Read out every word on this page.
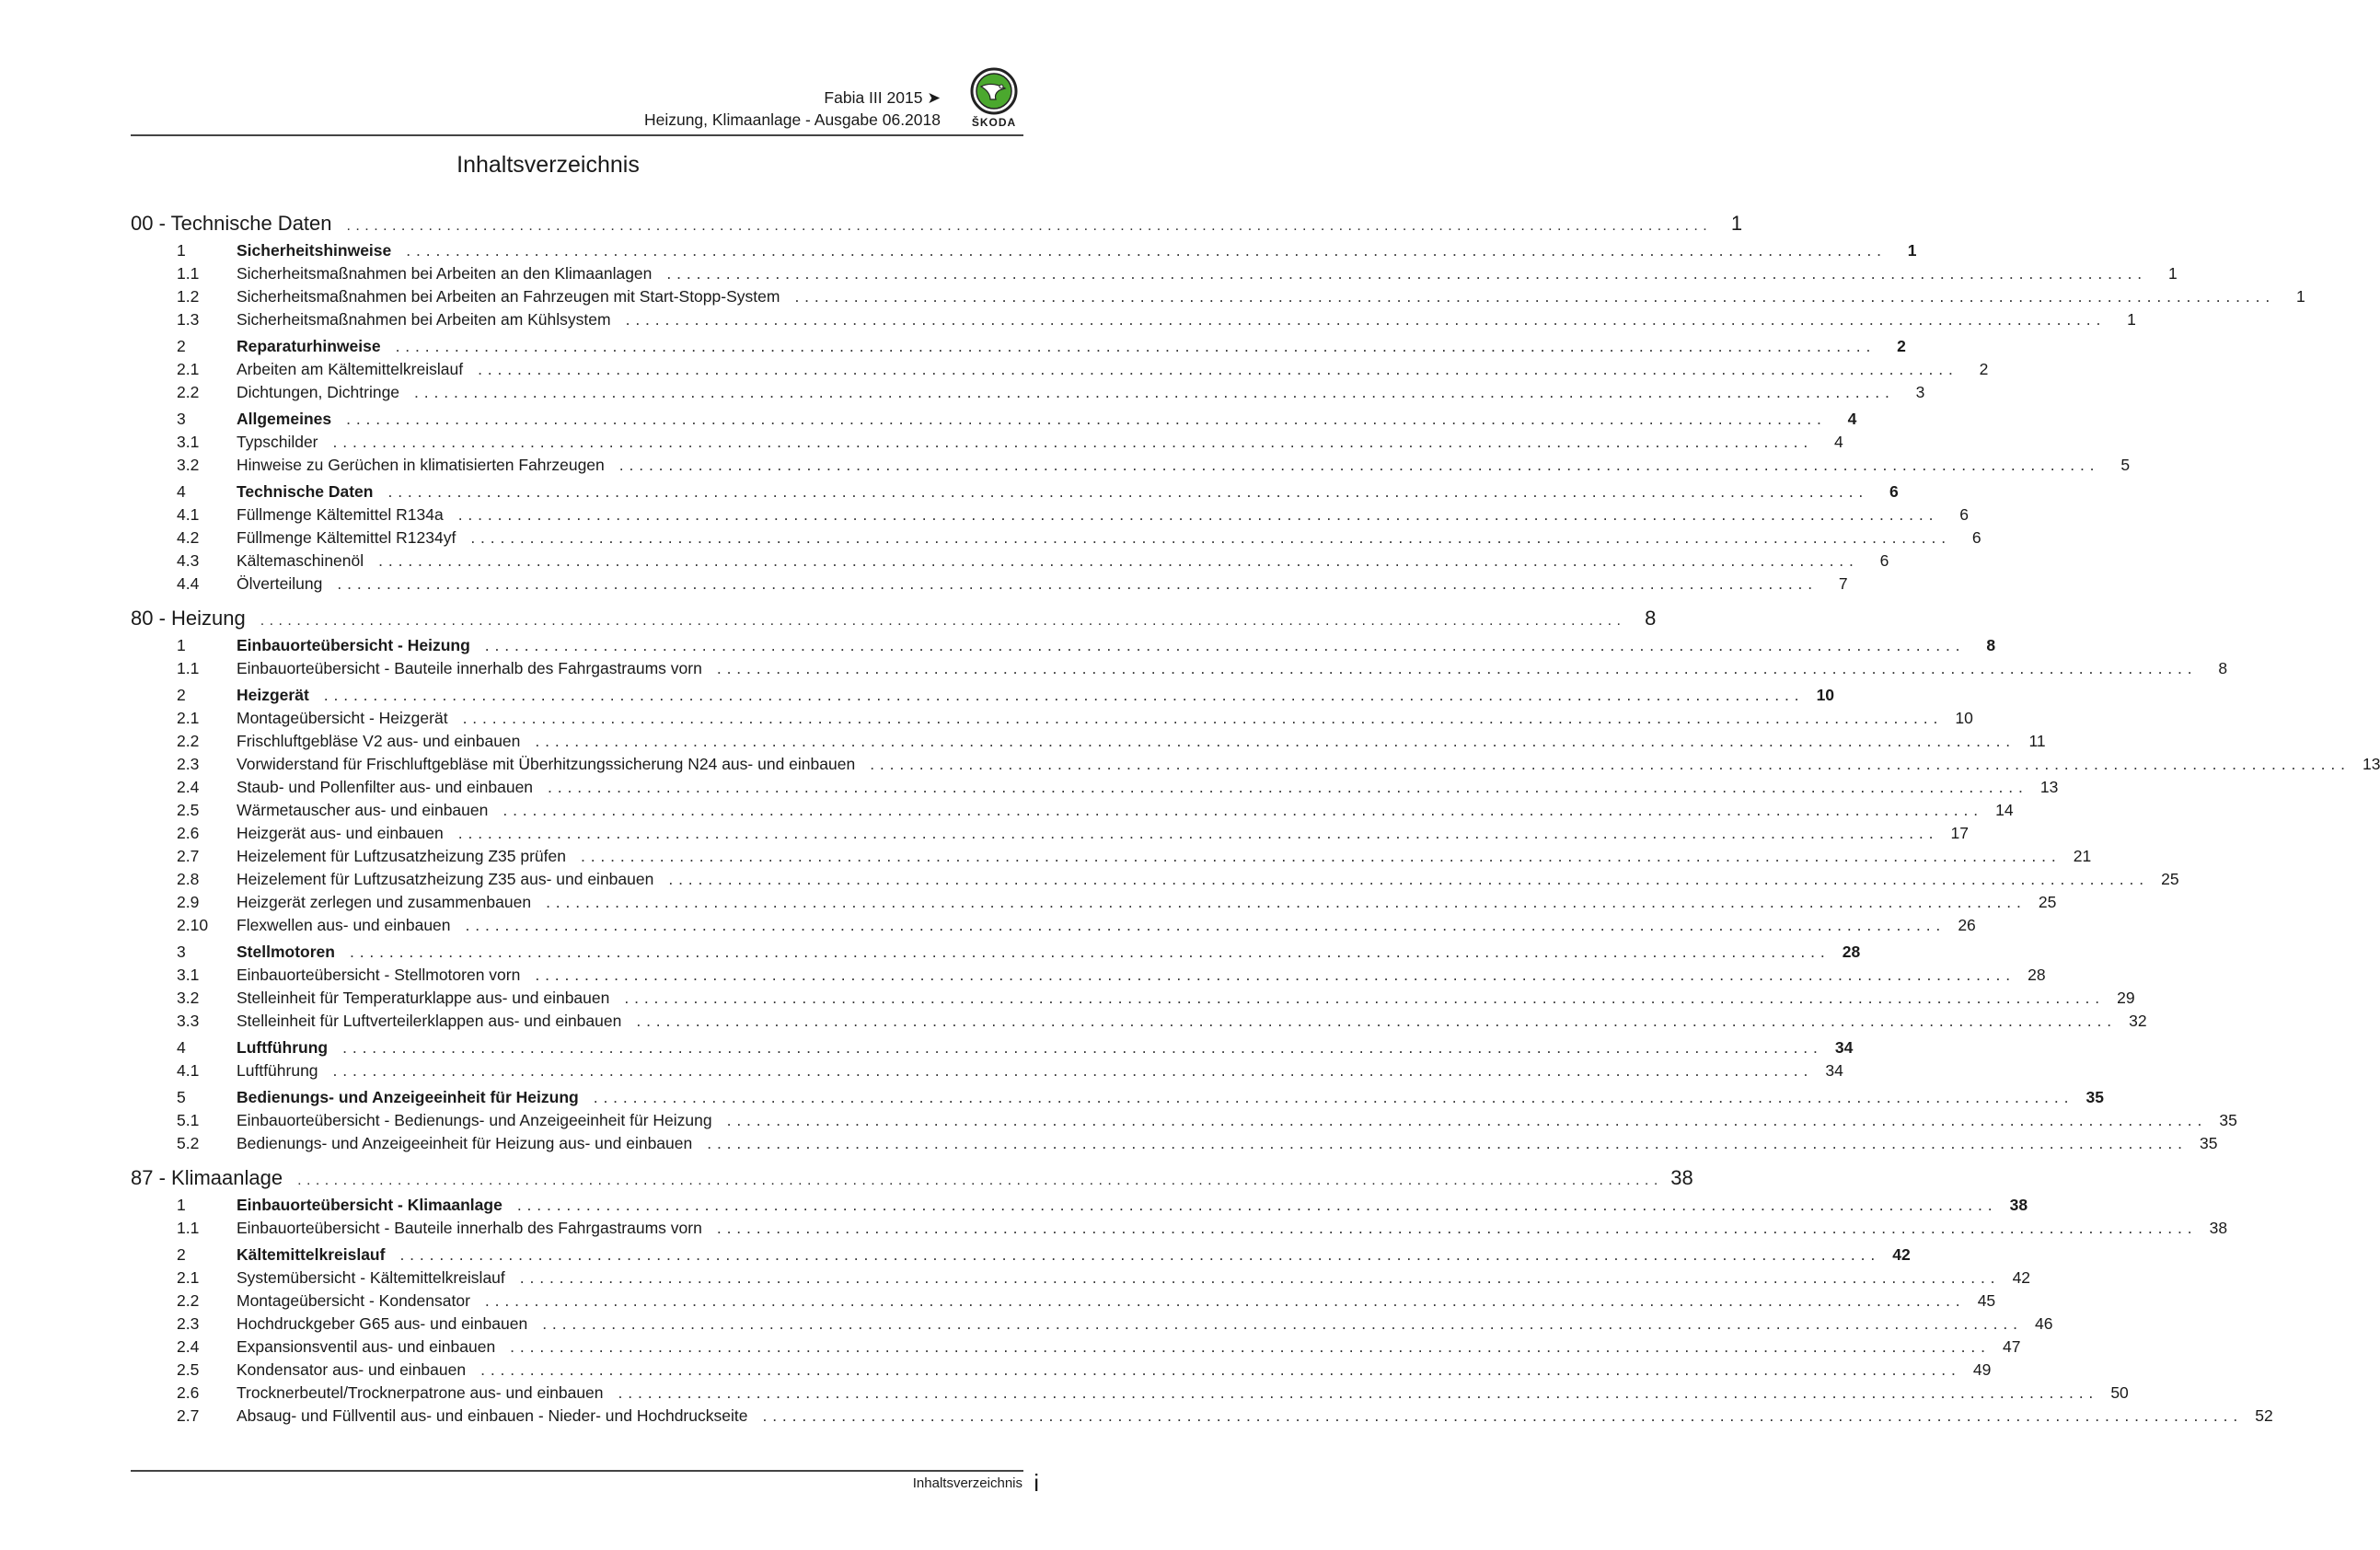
Fabia III 2015 ➤
Heizung, Klimaanlage - Ausgabe 06.2018	ŠKODA
Inhaltsverzeichnis
00 - Technische Daten . . . . . . . . . . . . . . . . . . . . . . . . . . . . . . . . . . . . . . . . . . . . . . . . . . . . . . . . . . . . . . . . . . . . . . . . . . . . . . . . . . . . . . . . . . . . . . . . . . . . . . . . . . . . . . . . . . . . . . . . . . . . . . . . . . . . . . . . . . . . . . . . . . . . . .	1
1	Sicherheitshinweise . . . . . . . . . . . . . . . . . . . . . . . . . . . . . . . . . . . . . . . . . . . . . . . . . . . . . . . . . . . . . . . . . . . . . . . . . . . . . . . . . . . . . . . . . . . . . . . . . . . . . . . . . . . . . . . . . . . . . . . . . . . . . . . . . . . . . . . . . . . . . . . . . . . . . .	1
1.1	Sicherheitsmaßnahmen bei Arbeiten an den Klimaanlagen . . . . . . . . . . . . . . . . . . . . . . . . . . . . . . . . . . . . . . . . . . . . . . . . . . . . . . . . . . . . . . . . . . . . . . . . . . . . . . . . . . . . . . . . . . . . . . . . . . . . . . . . . . . . . . . . . . . . . . . . . . . . . . . . . . . . . . . . . . . . . . . . . . . . . .	1
1.2	Sicherheitsmaßnahmen bei Arbeiten an Fahrzeugen mit Start-Stopp-System . . . . . . . . . . . . . . . . . . . . . . . . . . . . . . . . . . . . . . . . . . . . . . . . . . . . . . . . . . . . . . . . . . . . . . . . . . . . . . . . . . . . . . . . . . . . . . . . . . . . . . . . . . . . . . . . . . . . . . . . . . . . . . . . . . . . . . . . . . . . . . . . . . . . . .	1
1.3	Sicherheitsmaßnahmen bei Arbeiten am Kühlsystem . . . . . . . . . . . . . . . . . . . . . . . . . . . . . . . . . . . . . . . . . . . . . . . . . . . . . . . . . . . . . . . . . . . . . . . . . . . . . . . . . . . . . . . . . . . . . . . . . . . . . . . . . . . . . . . . . . . . . . . . . . . . . . . . . . . . . . . . . . . . . . . . . . . . . .	1
2	Reparaturhinweise . . . . . . . . . . . . . . . . . . . . . . . . . . . . . . . . . . . . . . . . . . . . . . . . . . . . . . . . . . . . . . . . . . . . . . . . . . . . . . . . . . . . . . . . . . . . . . . . . . . . . . . . . . . . . . . . . . . . . . . . . . . . . . . . . . . . . . . . . . . . . . . . . . . . . .	2
2.1	Arbeiten am Kältemittelkreislauf . . . . . . . . . . . . . . . . . . . . . . . . . . . . . . . . . . . . . . . . . . . . . . . . . . . . . . . . . . . . . . . . . . . . . . . . . . . . . . . . . . . . . . . . . . . . . . . . . . . . . . . . . . . . . . . . . . . . . . . . . . . . . . . . . . . . . . . . . . . . . . . . . . . . . .	2
2.2	Dichtungen, Dichtringe . . . . . . . . . . . . . . . . . . . . . . . . . . . . . . . . . . . . . . . . . . . . . . . . . . . . . . . . . . . . . . . . . . . . . . . . . . . . . . . . . . . . . . . . . . . . . . . . . . . . . . . . . . . . . . . . . . . . . . . . . . . . . . . . . . . . . . . . . . . . . . . . . . . . . .	3
3	Allgemeines . . . . . . . . . . . . . . . . . . . . . . . . . . . . . . . . . . . . . . . . . . . . . . . . . . . . . . . . . . . . . . . . . . . . . . . . . . . . . . . . . . . . . . . . . . . . . . . . . . . . . . . . . . . . . . . . . . . . . . . . . . . . . . . . . . . . . . . . . . . . . . . . . . . . . .	4
3.1	Typschilder . . . . . . . . . . . . . . . . . . . . . . . . . . . . . . . . . . . . . . . . . . . . . . . . . . . . . . . . . . . . . . . . . . . . . . . . . . . . . . . . . . . . . . . . . . . . . . . . . . . . . . . . . . . . . . . . . . . . . . . . . . . . . . . . . . . . . . . . . . . . . . . . . . . . . .	4
3.2	Hinweise zu Gerüchen in klimatisierten Fahrzeugen . . . . . . . . . . . . . . . . . . . . . . . . . . . . . . . . . . . . . . . . . . . . . . . . . . . . . . . . . . . . . . . . . . . . . . . . . . . . . . . . . . . . . . . . . . . . . . . . . . . . . . . . . . . . . . . . . . . . . . . . . . . . . . . . . . . . . . . . . . . . . . . . . . . . . .	5
4	Technische Daten . . . . . . . . . . . . . . . . . . . . . . . . . . . . . . . . . . . . . . . . . . . . . . . . . . . . . . . . . . . . . . . . . . . . . . . . . . . . . . . . . . . . . . . . . . . . . . . . . . . . . . . . . . . . . . . . . . . . . . . . . . . . . . . . . . . . . . . . . . . . . . . . . . . . . .	6
4.1	Füllmenge Kältemittel R134a . . . . . . . . . . . . . . . . . . . . . . . . . . . . . . . . . . . . . . . . . . . . . . . . . . . . . . . . . . . . . . . . . . . . . . . . . . . . . . . . . . . . . . . . . . . . . . . . . . . . . . . . . . . . . . . . . . . . . . . . . . . . . . . . . . . . . . . . . . . . . . . . . . . . . .	6
4.2	Füllmenge Kältemittel R1234yf . . . . . . . . . . . . . . . . . . . . . . . . . . . . . . . . . . . . . . . . . . . . . . . . . . . . . . . . . . . . . . . . . . . . . . . . . . . . . . . . . . . . . . . . . . . . . . . . . . . . . . . . . . . . . . . . . . . . . . . . . . . . . . . . . . . . . . . . . . . . . . . . . . . . . .	6
4.3	Kältemaschinenöl . . . . . . . . . . . . . . . . . . . . . . . . . . . . . . . . . . . . . . . . . . . . . . . . . . . . . . . . . . . . . . . . . . . . . . . . . . . . . . . . . . . . . . . . . . . . . . . . . . . . . . . . . . . . . . . . . . . . . . . . . . . . . . . . . . . . . . . . . . . . . . . . . . . . . .	6
4.4	Ölverteilung . . . . . . . . . . . . . . . . . . . . . . . . . . . . . . . . . . . . . . . . . . . . . . . . . . . . . . . . . . . . . . . . . . . . . . . . . . . . . . . . . . . . . . . . . . . . . . . . . . . . . . . . . . . . . . . . . . . . . . . . . . . . . . . . . . . . . . . . . . . . . . . . . . . . . .	7
80 - Heizung . . . . . . . . . . . . . . . . . . . . . . . . . . . . . . . . . . . . . . . . . . . . . . . . . . . . . . . . . . . . . . . . . . . . . . . . . . . . . . . . . . . . . . . . . . . . . . . . . . . . . . . . . . . . . . . . . . . . . . . . . . . . . . . . . . . . . . . . . . . . . . . . . . . . . .	8
1	Einbauorteübersicht - Heizung . . . . . . . . . . . . . . . . . . . . . . . . . . . . . . . . . . . . . . . . . . . . . . . . . . . . . . . . . . . . . . . . . . . . . . . . . . . . . . . . . . . . . . . . . . . . . . . . . . . . . . . . . . . . . . . . . . . . . . . . . . . . . . . . . . . . . . . . . . . . . . . . . . . . . .	8
1.1	Einbauorteübersicht - Bauteile innerhalb des Fahrgastraums vorn . . . . . . . . . . . . . . . . . . . . . . . . . . . . . . . . . . . . . . . . . . . . . . . . . . . . . . . . . . . . . . . . . . . . . . . . . . . . . . . . . . . . . . . . . . . . . . . . . . . . . . . . . . . . . . . . . . . . . . . . . . . . . . . . . . . . . . . . . . . . . . . . . . . . . .	8
2	Heizgerät . . . . . . . . . . . . . . . . . . . . . . . . . . . . . . . . . . . . . . . . . . . . . . . . . . . . . . . . . . . . . . . . . . . . . . . . . . . . . . . . . . . . . . . . . . . . . . . . . . . . . . . . . . . . . . . . . . . . . . . . . . . . . . . . . . . . . . . . . . . . . . . . . . . . . .	10
2.1	Montageübersicht - Heizgerät . . . . . . . . . . . . . . . . . . . . . . . . . . . . . . . . . . . . . . . . . . . . . . . . . . . . . . . . . . . . . . . . . . . . . . . . . . . . . . . . . . . . . . . . . . . . . . . . . . . . . . . . . . . . . . . . . . . . . . . . . . . . . . . . . . . . . . . . . . . . . . . . . . . . . .	10
2.2	Frischluftgebläse V2 aus- und einbauen . . . . . . . . . . . . . . . . . . . . . . . . . . . . . . . . . . . . . . . . . . . . . . . . . . . . . . . . . . . . . . . . . . . . . . . . . . . . . . . . . . . . . . . . . . . . . . . . . . . . . . . . . . . . . . . . . . . . . . . . . . . . . . . . . . . . . . . . . . . . . . . . . . . . . .	11
2.3	Vorwiderstand für Frischluftgebläse mit Überhitzungssicherung N24 aus- und einbauen . . . . . . . . . . . . . . . . . . . . . . . . . . . . . . . . . . . . . . . . . . . . . . . . . . . . . . . . . . . . . . . . . . . . . . . . . . . . . . . . . . . . . . . . . . . . . . . . . . . . . . . . . . . . . . . . . . . . . . . . . . . . . . . . . . . . . . . . . . . . . . . . . . . . . .	13
2.4	Staub- und Pollenfilter aus- und einbauen . . . . . . . . . . . . . . . . . . . . . . . . . . . . . . . . . . . . . . . . . . . . . . . . . . . . . . . . . . . . . . . . . . . . . . . . . . . . . . . . . . . . . . . . . . . . . . . . . . . . . . . . . . . . . . . . . . . . . . . . . . . . . . . . . . . . . . . . . . . . . . . . . . . . . .	13
2.5	Wärmetauscher aus- und einbauen . . . . . . . . . . . . . . . . . . . . . . . . . . . . . . . . . . . . . . . . . . . . . . . . . . . . . . . . . . . . . . . . . . . . . . . . . . . . . . . . . . . . . . . . . . . . . . . . . . . . . . . . . . . . . . . . . . . . . . . . . . . . . . . . . . . . . . . . . . . . . . . . . . . . . .	14
2.6	Heizgerät aus- und einbauen . . . . . . . . . . . . . . . . . . . . . . . . . . . . . . . . . . . . . . . . . . . . . . . . . . . . . . . . . . . . . . . . . . . . . . . . . . . . . . . . . . . . . . . . . . . . . . . . . . . . . . . . . . . . . . . . . . . . . . . . . . . . . . . . . . . . . . . . . . . . . . . . . . . . . .	17
2.7	Heizelement für Luftzusatzheizung Z35 prüfen . . . . . . . . . . . . . . . . . . . . . . . . . . . . . . . . . . . . . . . . . . . . . . . . . . . . . . . . . . . . . . . . . . . . . . . . . . . . . . . . . . . . . . . . . . . . . . . . . . . . . . . . . . . . . . . . . . . . . . . . . . . . . . . . . . . . . . . . . . . . . . . . . . . . . .	21
2.8	Heizelement für Luftzusatzheizung Z35 aus- und einbauen . . . . . . . . . . . . . . . . . . . . . . . . . . . . . . . . . . . . . . . . . . . . . . . . . . . . . . . . . . . . . . . . . . . . . . . . . . . . . . . . . . . . . . . . . . . . . . . . . . . . . . . . . . . . . . . . . . . . . . . . . . . . . . . . . . . . . . . . . . . . . . . . . . . . . .	25
2.9	Heizgerät zerlegen und zusammenbauen . . . . . . . . . . . . . . . . . . . . . . . . . . . . . . . . . . . . . . . . . . . . . . . . . . . . . . . . . . . . . . . . . . . . . . . . . . . . . . . . . . . . . . . . . . . . . . . . . . . . . . . . . . . . . . . . . . . . . . . . . . . . . . . . . . . . . . . . . . . . . . . . . . . . . .	25
2.10	Flexwellen aus- und einbauen . . . . . . . . . . . . . . . . . . . . . . . . . . . . . . . . . . . . . . . . . . . . . . . . . . . . . . . . . . . . . . . . . . . . . . . . . . . . . . . . . . . . . . . . . . . . . . . . . . . . . . . . . . . . . . . . . . . . . . . . . . . . . . . . . . . . . . . . . . . . . . . . . . . . . .	26
3	Stellmotoren . . . . . . . . . . . . . . . . . . . . . . . . . . . . . . . . . . . . . . . . . . . . . . . . . . . . . . . . . . . . . . . . . . . . . . . . . . . . . . . . . . . . . . . . . . . . . . . . . . . . . . . . . . . . . . . . . . . . . . . . . . . . . . . . . . . . . . . . . . . . . . . . . . . . . .	28
3.1	Einbauorteübersicht - Stellmotoren vorn . . . . . . . . . . . . . . . . . . . . . . . . . . . . . . . . . . . . . . . . . . . . . . . . . . . . . . . . . . . . . . . . . . . . . . . . . . . . . . . . . . . . . . . . . . . . . . . . . . . . . . . . . . . . . . . . . . . . . . . . . . . . . . . . . . . . . . . . . . . . . . . . . . . . . .	28
3.2	Stelleinheit für Temperaturklappe aus- und einbauen . . . . . . . . . . . . . . . . . . . . . . . . . . . . . . . . . . . . . . . . . . . . . . . . . . . . . . . . . . . . . . . . . . . . . . . . . . . . . . . . . . . . . . . . . . . . . . . . . . . . . . . . . . . . . . . . . . . . . . . . . . . . . . . . . . . . . . . . . . . . . . . . . . . . . .	29
3.3	Stelleinheit für Luftverteilerklappen aus- und einbauen . . . . . . . . . . . . . . . . . . . . . . . . . . . . . . . . . . . . . . . . . . . . . . . . . . . . . . . . . . . . . . . . . . . . . . . . . . . . . . . . . . . . . . . . . . . . . . . . . . . . . . . . . . . . . . . . . . . . . . . . . . . . . . . . . . . . . . . . . . . . . . . . . . . . . .	32
4	Luftführung . . . . . . . . . . . . . . . . . . . . . . . . . . . . . . . . . . . . . . . . . . . . . . . . . . . . . . . . . . . . . . . . . . . . . . . . . . . . . . . . . . . . . . . . . . . . . . . . . . . . . . . . . . . . . . . . . . . . . . . . . . . . . . . . . . . . . . . . . . . . . . . . . . . . . .	34
4.1	Luftführung . . . . . . . . . . . . . . . . . . . . . . . . . . . . . . . . . . . . . . . . . . . . . . . . . . . . . . . . . . . . . . . . . . . . . . . . . . . . . . . . . . . . . . . . . . . . . . . . . . . . . . . . . . . . . . . . . . . . . . . . . . . . . . . . . . . . . . . . . . . . . . . . . . . . . .	34
5	Bedienungs- und Anzeigeeinheit für Heizung . . . . . . . . . . . . . . . . . . . . . . . . . . . . . . . . . . . . . . . . . . . . . . . . . . . . . . . . . . . . . . . . . . . . . . . . . . . . . . . . . . . . . . . . . . . . . . . . . . . . . . . . . . . . . . . . . . . . . . . . . . . . . . . . . . . . . . . . . . . . . . . . . . . . . .	35
5.1	Einbauorteübersicht - Bedienungs- und Anzeigeeinheit für Heizung . . . . . . . . . . . . . . . . . . . . . . . . . . . . . . . . . . . . . . . . . . . . . . . . . . . . . . . . . . . . . . . . . . . . . . . . . . . . . . . . . . . . . . . . . . . . . . . . . . . . . . . . . . . . . . . . . . . . . . . . . . . . . . . . . . . . . . . . . . . . . . . . . . . . . .	35
5.2	Bedienungs- und Anzeigeeinheit für Heizung aus- und einbauen . . . . . . . . . . . . . . . . . . . . . . . . . . . . . . . . . . . . . . . . . . . . . . . . . . . . . . . . . . . . . . . . . . . . . . . . . . . . . . . . . . . . . . . . . . . . . . . . . . . . . . . . . . . . . . . . . . . . . . . . . . . . . . . . . . . . . . . . . . . . . . . . . . . . . .	35
87 - Klimaanlage . . . . . . . . . . . . . . . . . . . . . . . . . . . . . . . . . . . . . . . . . . . . . . . . . . . . . . . . . . . . . . . . . . . . . . . . . . . . . . . . . . . . . . . . . . . . . . . . . . . . . . . . . . . . . . . . . . . . . . . . . . . . . . . . . . . . . . . . . . . . . . . . . . . . . . 38
1	Einbauorteübersicht - Klimaanlage . . . . . . . . . . . . . . . . . . . . . . . . . . . . . . . . . . . . . . . . . . . . . . . . . . . . . . . . . . . . . . . . . . . . . . . . . . . . . . . . . . . . . . . . . . . . . . . . . . . . . . . . . . . . . . . . . . . . . . . . . . . . . . . . . . . . . . . . . . . . . . . . . . . . . .	38
1.1	Einbauorteübersicht - Bauteile innerhalb des Fahrgastraums vorn . . . . . . . . . . . . . . . . . . . . . . . . . . . . . . . . . . . . . . . . . . . . . . . . . . . . . . . . . . . . . . . . . . . . . . . . . . . . . . . . . . . . . . . . . . . . . . . . . . . . . . . . . . . . . . . . . . . . . . . . . . . . . . . . . . . . . . . . . . . . . . . . . . . . . .	38
2	Kältemittelkreislauf . . . . . . . . . . . . . . . . . . . . . . . . . . . . . . . . . . . . . . . . . . . . . . . . . . . . . . . . . . . . . . . . . . . . . . . . . . . . . . . . . . . . . . . . . . . . . . . . . . . . . . . . . . . . . . . . . . . . . . . . . . . . . . . . . . . . . . . . . . . . . . . . . . . . . .	42
2.1	Systemübersicht - Kältemittelkreislauf . . . . . . . . . . . . . . . . . . . . . . . . . . . . . . . . . . . . . . . . . . . . . . . . . . . . . . . . . . . . . . . . . . . . . . . . . . . . . . . . . . . . . . . . . . . . . . . . . . . . . . . . . . . . . . . . . . . . . . . . . . . . . . . . . . . . . . . . . . . . . . . . . . . . . .	42
2.2	Montageübersicht - Kondensator . . . . . . . . . . . . . . . . . . . . . . . . . . . . . . . . . . . . . . . . . . . . . . . . . . . . . . . . . . . . . . . . . . . . . . . . . . . . . . . . . . . . . . . . . . . . . . . . . . . . . . . . . . . . . . . . . . . . . . . . . . . . . . . . . . . . . . . . . . . . . . . . . . . . . .	45
2.3	Hochdruckgeber G65 aus- und einbauen . . . . . . . . . . . . . . . . . . . . . . . . . . . . . . . . . . . . . . . . . . . . . . . . . . . . . . . . . . . . . . . . . . . . . . . . . . . . . . . . . . . . . . . . . . . . . . . . . . . . . . . . . . . . . . . . . . . . . . . . . . . . . . . . . . . . . . . . . . . . . . . . . . . . . .	46
2.4	Expansionsventil aus- und einbauen . . . . . . . . . . . . . . . . . . . . . . . . . . . . . . . . . . . . . . . . . . . . . . . . . . . . . . . . . . . . . . . . . . . . . . . . . . . . . . . . . . . . . . . . . . . . . . . . . . . . . . . . . . . . . . . . . . . . . . . . . . . . . . . . . . . . . . . . . . . . . . . . . . . . . .	47
2.5	Kondensator aus- und einbauen . . . . . . . . . . . . . . . . . . . . . . . . . . . . . . . . . . . . . . . . . . . . . . . . . . . . . . . . . . . . . . . . . . . . . . . . . . . . . . . . . . . . . . . . . . . . . . . . . . . . . . . . . . . . . . . . . . . . . . . . . . . . . . . . . . . . . . . . . . . . . . . . . . . . . .	49
2.6	Trocknerbeutel/Trocknerpatrone aus- und einbauen . . . . . . . . . . . . . . . . . . . . . . . . . . . . . . . . . . . . . . . . . . . . . . . . . . . . . . . . . . . . . . . . . . . . . . . . . . . . . . . . . . . . . . . . . . . . . . . . . . . . . . . . . . . . . . . . . . . . . . . . . . . . . . . . . . . . . . . . . . . . . . . . . . . . . .	50
2.7	Absaug- und Füllventil aus- und einbauen - Nieder- und Hochdruckseite . . . . . . . . . . . . . . . . . . . . . . . . . . . . . . . . . . . . . . . . . . . . . . . . . . . . . . . . . . . . . . . . . . . . . . . . . . . . . . . . . . . . . . . . . . . . . . . . . . . . . . . . . . . . . . . . . . . . . . . . . . . . . . . . . . . . . . . . . . . . . . . . . . . . . .	52
Inhaltsverzeichnis i
